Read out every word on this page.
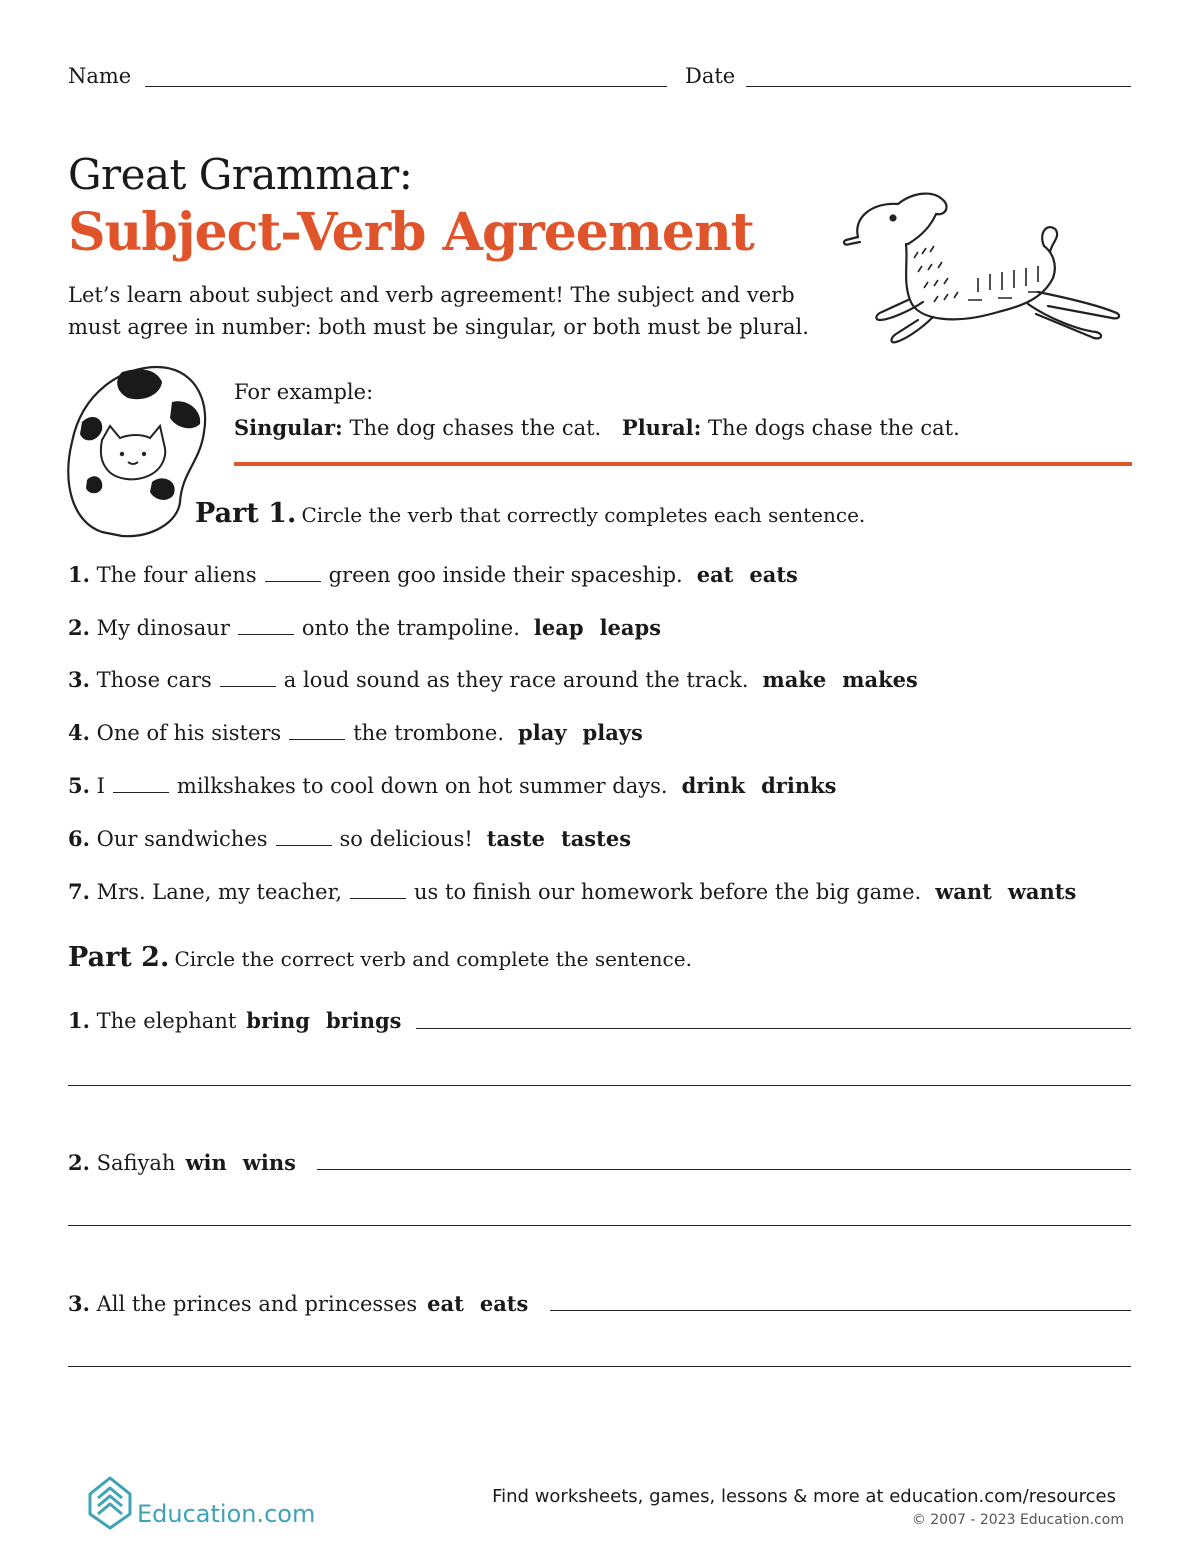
Name	Date
Great Grammar:
Subject-Verb Agreement
Let’s learn about subject and verb agreement! The subject and verb must agree in number: both must be singular, or both must be plural.
For example:
Singular: The dog chases the cat. Plural: The dogs chase the cat.
Part 1. Circle the verb that correctly completes each sentence.
1. The four aliens	green goo inside their spaceship. eat eats
2. My dinosaur	onto the trampoline. leap leaps
3. Those cars	a loud sound as they race around the track. make makes
4. One of his sisters	the trombone. play plays
5. I	milkshakes to cool down on hot summer days. drink drinks
6. Our sandwiches	so delicious! taste tastes
7. Mrs. Lane, my teacher,	us to finish our homework before the big game. want wants
Part 2. Circle the correct verb and complete the sentence.
1. The elephant bring brings
2. Safiyah win wins
3. All the princes and princesses eat eats
Education.com
Find worksheets, games, lessons & more at education.com/resources
© 2007 - 2023 Education.com
